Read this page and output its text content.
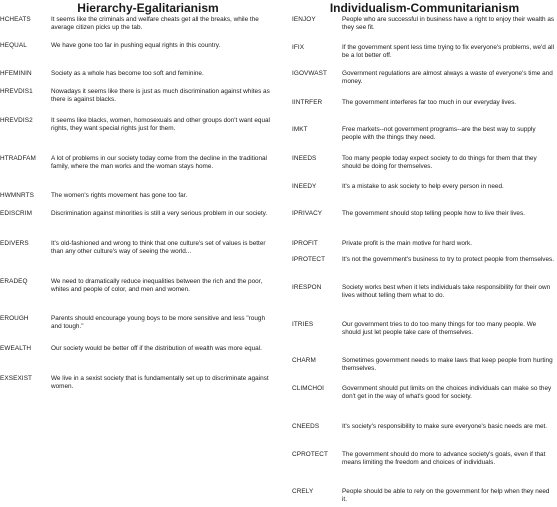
Hierarchy-Egalitarianism
HCHEATS	It seems like the criminals and welfare cheats get all the breaks, while the average citizen picks up the tab.
HEQUAL	We have gone too far in pushing equal rights in this country.
HFEMININ	Society as a whole has become too soft and feminine.
HREVDIS1	Nowadays it seems like there is just as much discrimination against whites as there is against blacks.
HREVDIS2	It seems like blacks, women, homosexuals and other groups don't want equal rights, they want special rights just for them.
HTRADFAM	A lot of problems in our society today come from the decline in the traditional family, where the man works and the woman stays home.
HWMNRTS	The women's rights movement has gone too far.
EDISCRIM	Discrimination against minorities is still a very serious problem in our society.
EDIVERS	It's old-fashioned and wrong to think that one culture's set of values is better than any other culture's way of seeing the world...
ERADEQ	We need to dramatically reduce inequalities between the rich and the poor, whites and people of color, and men and women.
EROUGH	Parents should encourage young boys to be more sensitive and less "rough and tough."
EWEALTH	Our society would be better off if the distribution of wealth was more equal.
EXSEXIST	We live in a sexist society that is fundamentally set up to discriminate against women.
Individualism-Communitarianism
IENJOY	People who are successful in business have a right to enjoy their wealth as they see fit.
IFIX	If the government spent less time trying to fix everyone's problems, we'd all be a lot better off.
IGOVWAST	Government regulations are almost always a waste of everyone's time and money.
IINTRFER	The government interferes far too much in our everyday lives.
IMKT	Free markets--not government programs--are the best way to supply people with the things they need.
INEEDS	Too many people today expect society to do things for them that they should be doing for themselves.
INEEDY	It's a mistake to ask society to help every person in need.
IPRIVACY	The government should stop telling people how to live their lives.
IPROFIT	Private profit is the main motive for hard work.
IPROTECT	It's not the government's business to try to protect people from themselves.
IRESPON	Society works best when it lets individuals take responsibility for their own lives without telling them what to do.
ITRIES	Our government tries to do too many things for too many people. We should just let people take care of themselves.
CHARM	Sometimes government needs to make laws that keep people from hurting themselves.
CLIMCHOI	Government should put limits on the choices individuals can make so they don't get in the way of what's good for society.
CNEEDS	It's society's responsibility to make sure everyone's basic needs are met.
CPROTECT	The government should do more to advance society's goals, even if that means limiting the freedom and choices of individuals.
CRELY	People should be able to rely on the government for help when they need it.
